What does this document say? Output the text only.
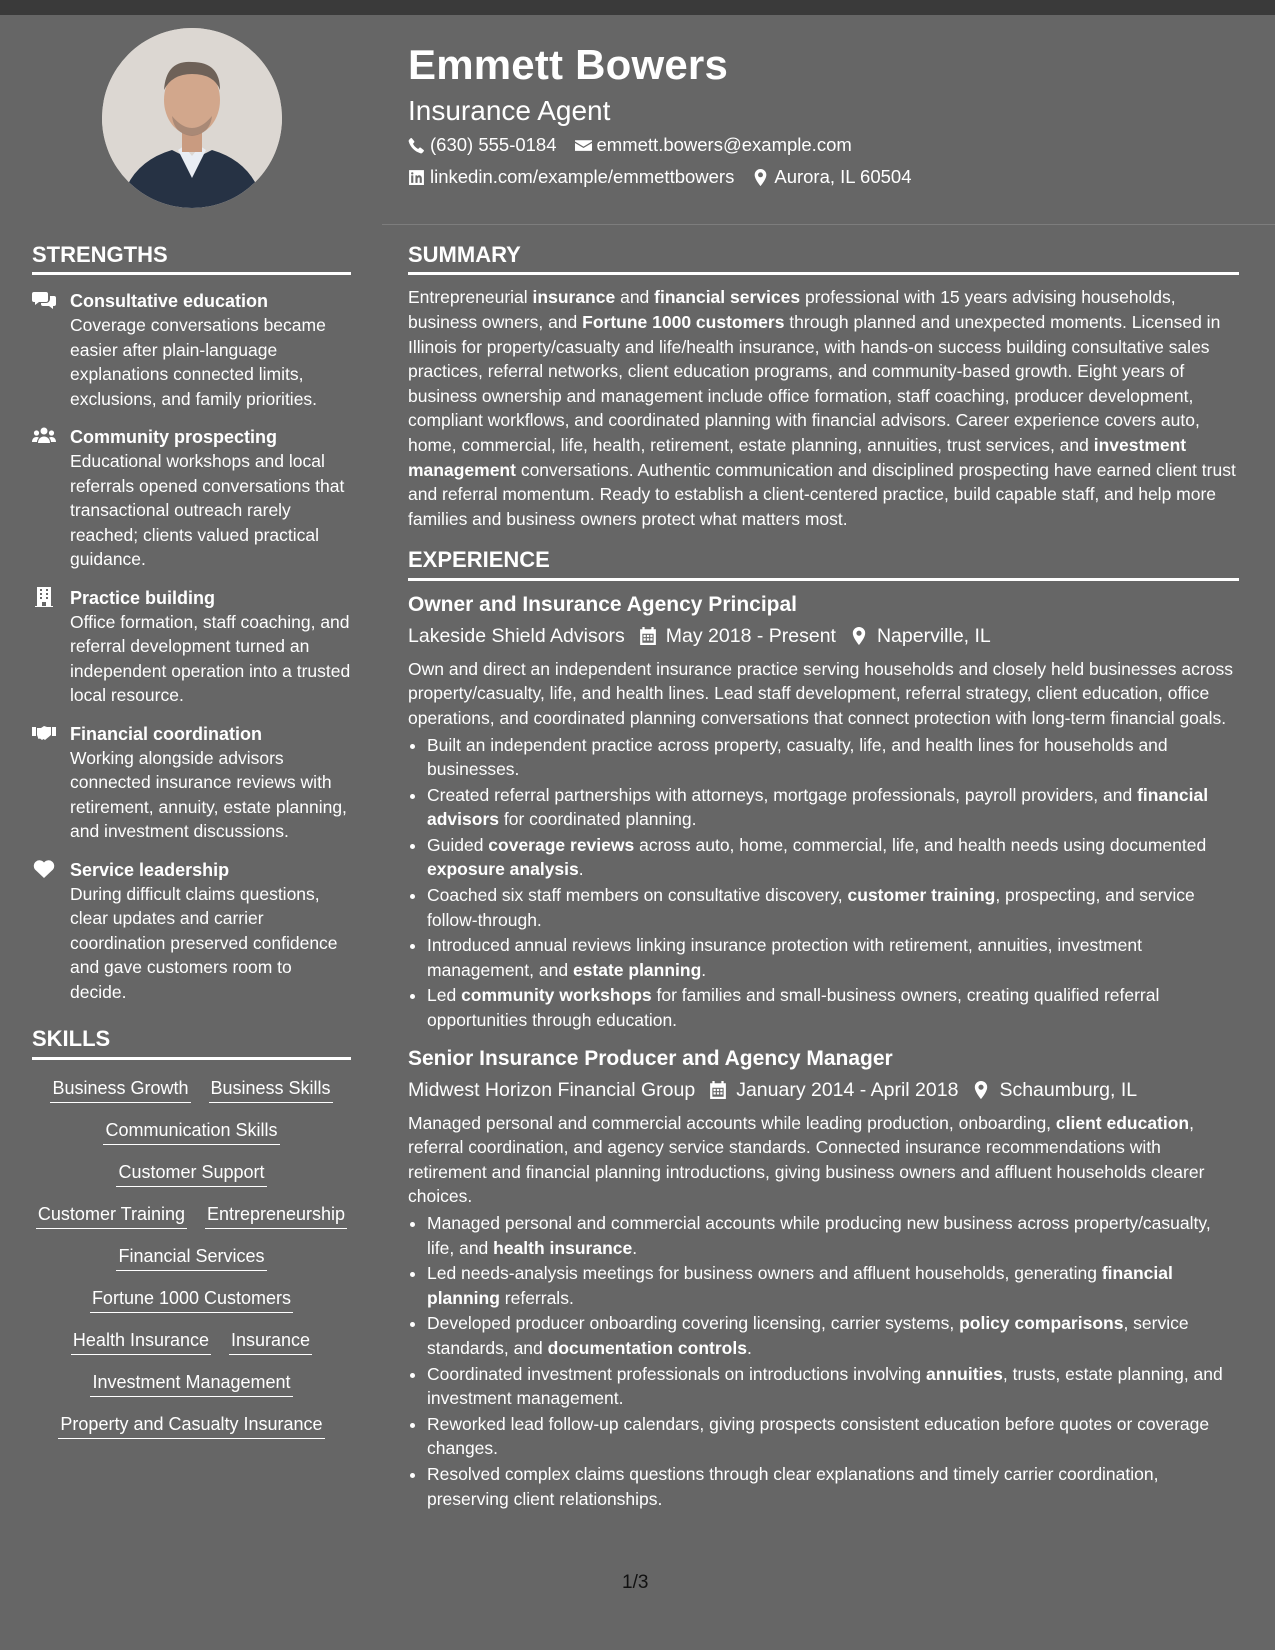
Emmett Bowers
Insurance Agent
(630) 555-0184 emmett.bowers@example.com
linkedin.com/example/emmettbowers Aurora, IL 60504
STRENGTHS
Consultative education
Coverage conversations became easier after plain-language explanations connected limits, exclusions, and family priorities.
Community prospecting
Educational workshops and local referrals opened conversations that transactional outreach rarely reached; clients valued practical guidance.
Practice building
Office formation, staff coaching, and referral development turned an independent operation into a trusted local resource.
Financial coordination
Working alongside advisors connected insurance reviews with retirement, annuity, estate planning, and investment discussions.
Service leadership
During difficult claims questions, clear updates and carrier coordination preserved confidence and gave customers room to decide.
SKILLS
Business Growth Business Skills
Communication Skills
Customer Support
Customer Training Entrepreneurship
Financial Services
Fortune 1000 Customers
Health Insurance Insurance
Investment Management
Property and Casualty Insurance
SUMMARY

Entrepreneurial insurance and financial services professional with 15 years advising households, business owners, and Fortune 1000 customers through planned and unexpected moments. Licensed in Illinois for property/casualty and life/health insurance, with hands-on success building consultative sales practices, referral networks, client education programs, and community-based growth. Eight years of business ownership and management include office formation, staff coaching, producer development, compliant workflows, and coordinated planning with financial advisors. Career experience covers auto, home, commercial, life, health, retirement, estate planning, annuities, trust services, and investment management conversations. Authentic communication and disciplined prospecting have earned client trust and referral momentum. Ready to establish a client-centered practice, build capable staff, and help more families and business owners protect what matters most.

EXPERIENCE
Owner and Insurance Agency Principal
Lakeside Shield Advisors May 2018 - Present Naperville, IL

Own and direct an independent insurance practice serving households and closely held businesses across property/casualty, life, and health lines. Lead staff development, referral strategy, client education, office operations, and coordinated planning conversations that connect protection with long-term financial goals.

• Built an independent practice across property, casualty, life, and health lines for households and businesses.
• Created referral partnerships with attorneys, mortgage professionals, payroll providers, and financial advisors for coordinated planning.
• Guided coverage reviews across auto, home, commercial, life, and health needs using documented exposure analysis.
• Coached six staff members on consultative discovery, customer training, prospecting, and service follow-through.
• Introduced annual reviews linking insurance protection with retirement, annuities, investment management, and estate planning.
• Led community workshops for families and small-business owners, creating qualified referral opportunities through education.
Senior Insurance Producer and Agency Manager
Midwest Horizon Financial Group January 2014 - April 2018 Schaumburg, IL

Managed personal and commercial accounts while leading production, onboarding, client education, referral coordination, and agency service standards. Connected insurance recommendations with retirement and financial planning introductions, giving business owners and affluent households clearer choices.

• Managed personal and commercial accounts while producing new business across property/casualty, life, and health insurance.
• Led needs-analysis meetings for business owners and affluent households, generating financial planning referrals.
• Developed producer onboarding covering licensing, carrier systems, policy comparisons, service standards, and documentation controls.
• Coordinated investment professionals on introductions involving annuities, trusts, estate planning, and investment management.
• Reworked lead follow-up calendars, giving prospects consistent education before quotes or coverage changes.
• Resolved complex claims questions through clear explanations and timely carrier coordination, preserving client relationships.
1/3
